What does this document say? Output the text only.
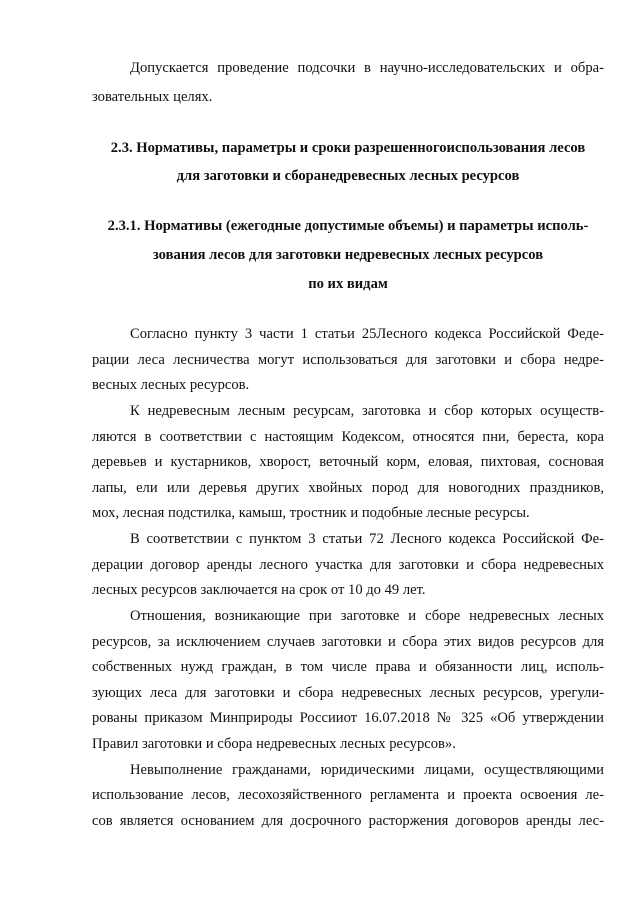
Допускается проведение подсочки в научно-исследовательских и обра-
зовательных целях.
2.3. Нормативы, параметры и сроки разрешенногоиспользования лесов
для заготовки и сборанедревесных лесных ресурсов
2.3.1. Нормативы (ежегодные допустимые объемы) и параметры исполь-
зования лесов для заготовки недревесных лесных ресурсов
по их видам
Согласно пункту 3 части 1 статьи 25Лесного кодекса Российской Феде-
рации леса лесничества могут использоваться для заготовки и сбора недре-
весных лесных ресурсов.
К недревесным лесным ресурсам, заготовка и сбор которых осуществ-
ляются в соответствии с настоящим Кодексом, относятся пни, береста, кора
деревьев и кустарников, хворост, веточный корм, еловая, пихтовая, сосновая
лапы, ели или деревья других хвойных пород для новогодних праздников,
мох, лесная подстилка, камыш, тростник и подобные лесные ресурсы.
В соответствии с пунктом 3 статьи 72 Лесного кодекса Российской Фе-
дерации договор аренды лесного участка для заготовки и сбора недревесных
лесных ресурсов заключается на срок от 10 до 49 лет.
Отношения, возникающие при заготовке и сборе недревесных лесных
ресурсов, за исключением случаев заготовки и сбора этих видов ресурсов для
собственных нужд граждан, в том числе права и обязанности лиц, исполь-
зующих леса для заготовки и сбора недревесных лесных ресурсов, урегули-
рованы приказом Минприроды Россииот 16.07.2018 № 325 «Об утверждении
Правил заготовки и сбора недревесных лесных ресурсов».
Невыполнение гражданами, юридическими лицами, осуществляющими
использование лесов, лесохозяйственного регламента и проекта освоения ле-
сов является основанием для досрочного расторжения договоров аренды лес-
